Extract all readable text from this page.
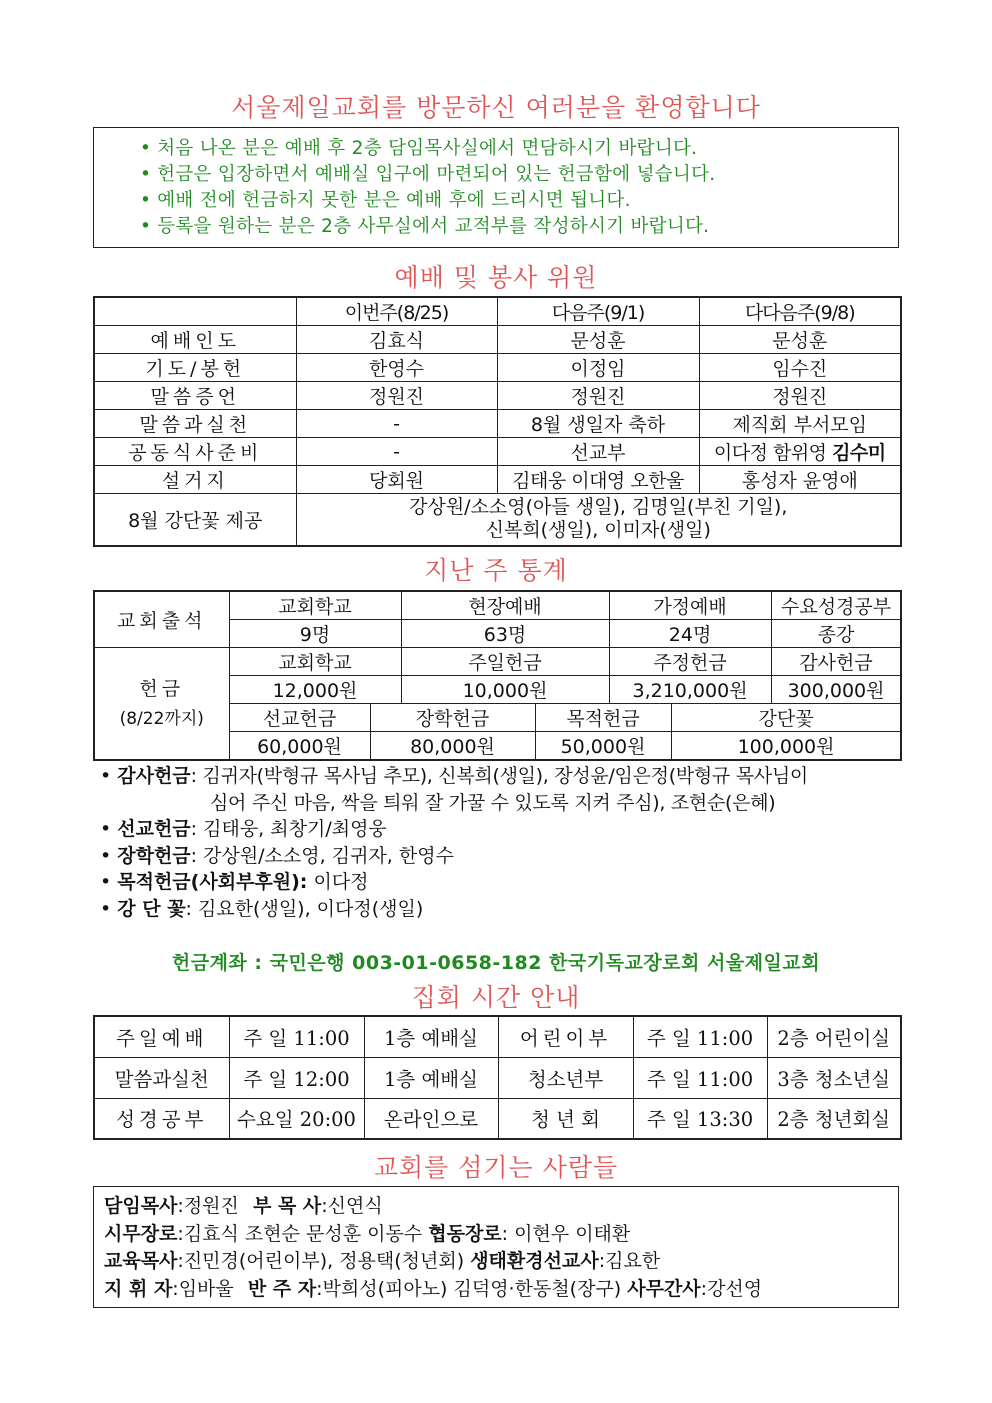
서울제일교회를 방문하신 여러분을 환영합니다
• 처음 나온 분은 예배 후 2층 담임목사실에서 면담하시기 바랍니다.
• 헌금은 입장하면서 예배실 입구에 마련되어 있는 헌금함에 넣습니다.
• 예배 전에 헌금하지 못한 분은 예배 후에 드리시면 됩니다.
• 등록을 원하는 분은 2층 사무실에서 교적부를 작성하시기 바랍니다.
예배 및 봉사 위원
	이번주(8/25)	다음주(9/1)	다다음주(9/8)
예배인도	김효식	문성훈	문성훈
기도/봉헌	한영수	이정임	임수진
말씀증언	정원진	정원진	정원진
말씀과실천	-	8월 생일자 축하	제직회 부서모임
공동식사준비	-	선교부	이다정 함위영 김수미
설거지	당회원	김태웅 이대영 오한울	홍성자 윤영애
8월 강단꽃 제공	강상원/소소영(아들 생일), 김명일(부친 기일),
신복희(생일), 이미자(생일)		
지난 주 통계
교회출석	교회학교		현장예배		가정예배		수요성경공부	
	9명		63명		24명		종강	

헌금
(8/22까지)	교회학교		주일헌금		주정헌금		감사헌금	
	12,000원		10,000원		3,210,000원		300,000원	
	선교헌금	장학헌금		목적헌금		강단꽃	
	60,000원	80,000원		50,000원		100,000원	
• 감사헌금: 김귀자(박형규 목사님 추모), 신복희(생일), 장성윤/임은정(박형규 목사님이
심어 주신 마음, 싹을 틔워 잘 가꿀 수 있도록 지켜 주심), 조현순(은혜)
• 선교헌금: 김태웅, 최창기/최영웅
• 장학헌금: 강상원/소소영, 김귀자, 한영수
• 목적헌금(사회부후원): 이다정
• 강 단 꽃: 김요한(생일), 이다정(생일)
헌금계좌 : 국민은행 003-01-0658-182 한국기독교장로회 서울제일교회
집회 시간 안내
주일예배	주 일 11:00	1층 예배실	어린이부	주 일 11:00	2층 어린이실
말씀과실천	주 일 12:00	1층 예배실	청소년부	주 일 11:00	3층 청소년실
성경공부	수요일 20:00	온라인으로	청 년 회	주 일 13:30	2층 청년회실
교회를 섬기는 사람들
담임목사:정원진 부 목 사:신연식
시무장로:김효식 조현순 문성훈 이동수 협동장로: 이현우 이태환
교육목사:진민경(어린이부), 정용택(청년회) 생태환경선교사:김요한
지 휘 자:임바울 반 주 자:박희성(피아노) 김덕영·한동철(장구) 사무간사:강선영
